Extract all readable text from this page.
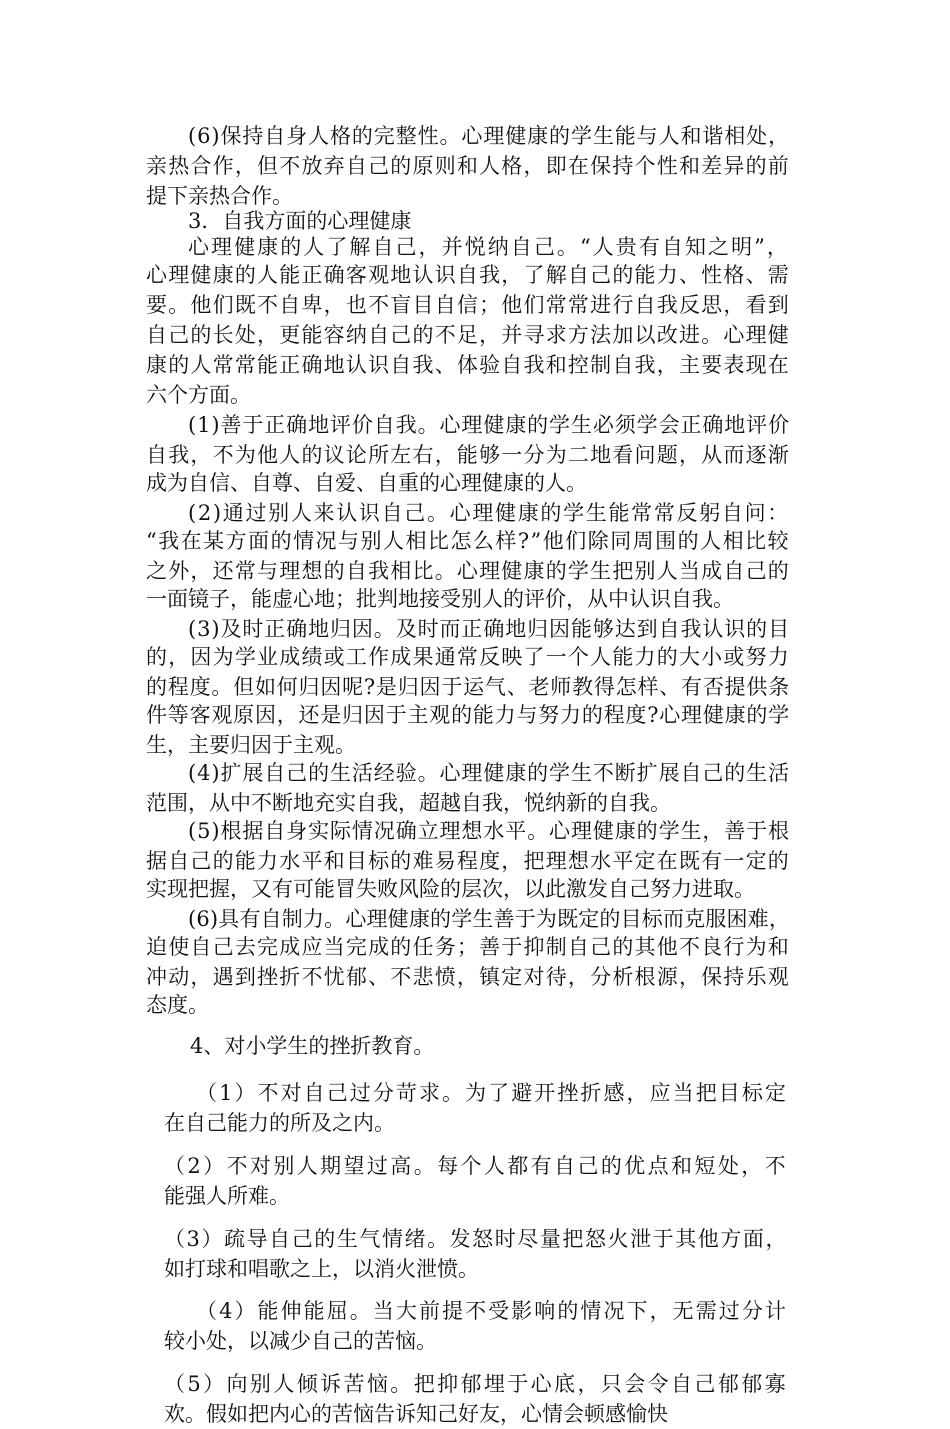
(6)保持自身人格的完整性。心理健康的学生能与人和谐相处，

亲热合作，但不放弃自己的原则和人格，即在保持个性和差异的前

提下亲热合作。

3．自我方面的心理健康

心理健康的人了解自己，并悦纳自己。“人贵有自知之明”，

心理健康的人能正确客观地认识自我，了解自己的能力、性格、需

要。他们既不自卑，也不盲目自信；他们常常进行自我反思，看到

自己的长处，更能容纳自己的不足，并寻求方法加以改进。心理健

康的人常常能正确地认识自我、体验自我和控制自我，主要表现在

六个方面。

(1)善于正确地评价自我。心理健康的学生必须学会正确地评价

自我，不为他人的议论所左右，能够一分为二地看问题，从而逐渐

成为自信、自尊、自爱、自重的心理健康的人。

(2)通过别人来认识自己。心理健康的学生能常常反躬自问：

“我在某方面的情况与别人相比怎么样?”他们除同周围的人相比较

之外，还常与理想的自我相比。心理健康的学生把别人当成自己的

一面镜子，能虚心地；批判地接受别人的评价，从中认识自我。

(3)及时正确地归因。及时而正确地归因能够达到自我认识的目

的，因为学业成绩或工作成果通常反映了一个人能力的大小或努力

的程度。但如何归因呢?是归因于运气、老师教得怎样、有否提供条

件等客观原因，还是归因于主观的能力与努力的程度?心理健康的学

生，主要归因于主观。

(4)扩展自己的生活经验。心理健康的学生不断扩展自己的生活

范围，从中不断地充实自我，超越自我，悦纳新的自我。

(5)根据自身实际情况确立理想水平。心理健康的学生，善于根

据自己的能力水平和目标的难易程度，把理想水平定在既有一定的

实现把握，又有可能冒失败风险的层次，以此激发自己努力进取。

(6)具有自制力。心理健康的学生善于为既定的目标而克服困难，

迫使自己去完成应当完成的任务；善于抑制自己的其他不良行为和

冲动，遇到挫折不忧郁、不悲愤，镇定对待，分析根源，保持乐观

态度。

4、对小学生的挫折教育。

（1）不对自己过分苛求。为了避开挫折感，应当把目标定

在自己能力的所及之内。

（2）不对别人期望过高。每个人都有自己的优点和短处，不

能强人所难。

（3）疏导自己的生气情绪。发怒时尽量把怒火泄于其他方面，

如打球和唱歌之上，以消火泄愤。

（4）能伸能屈。当大前提不受影响的情况下，无需过分计

较小处，以减少自己的苦恼。

（5）向别人倾诉苦恼。把抑郁埋于心底，只会令自己郁郁寡

欢。假如把内心的苦恼告诉知己好友，心情会顿感愉快
